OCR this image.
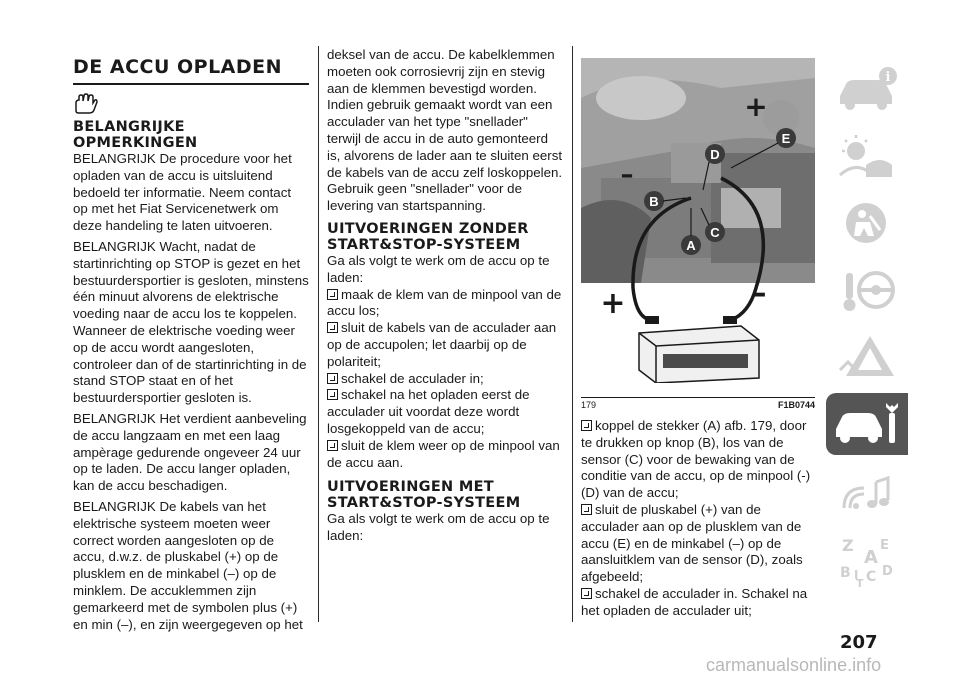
DE ACCU OPLADEN
BELANGRIJKE OPMERKINGEN

BELANGRIJK De procedure voor het opladen van de accu is uitsluitend bedoeld ter informatie. Neem contact op met het Fiat Servicenetwerk om deze handeling te laten uitvoeren.

BELANGRIJK Wacht, nadat de startinrichting op STOP is gezet en het bestuurdersportier is gesloten, minstens één minuut alvorens de elektrische voeding naar de accu los te koppelen. Wanneer de elektrische voeding weer op de accu wordt aangesloten, controleer dan of de startinrichting in de stand STOP staat en of het bestuurdersportier gesloten is.

BELANGRIJK Het verdient aanbeveling de accu langzaam en met een laag ampèrage gedurende ongeveer 24 uur op te laden. De accu langer opladen, kan de accu beschadigen.

BELANGRIJK De kabels van het elektrische systeem moeten weer correct worden aangesloten op de accu, d.w.z. de pluskabel (+) op de plusklem en de minkabel (–) op de minklem. De accuklemmen zijn gemarkeerd met de symbolen plus (+) en min (–), en zijn weergegeven op het

deksel van de accu. De kabelklemmen moeten ook corrosievrij zijn en stevig aan de klemmen bevestigd worden. Indien gebruik gemaakt wordt van een acculader van het type "snellader" terwijl de accu in de auto gemonteerd is, alvorens de lader aan te sluiten eerst de kabels van de accu zelf loskoppelen. Gebruik geen "snellader" voor de levering van startspanning.

UITVOERINGEN ZONDER START&STOP-SYSTEEM

Ga als volgt te werk om de accu op te laden:

maak de klem van de minpool van de accu los;
sluit de kabels van de acculader aan op de accupolen; let daarbij op de polariteit;
schakel de acculader in;
schakel na het opladen eerst de acculader uit voordat deze wordt losgekoppeld van de accu;
sluit de klem weer op de minpool van de accu aan.
UITVOERINGEN MET START&STOP-SYSTEEM

Ga als volgt te werk om de accu op te laden:

E
D
B
C
A
+
–
+	–
179	F1B0744
koppel de stekker (A) afb. 179, door te drukken op knop (B), los van de sensor (C) voor de bewaking van de conditie van de accu, op de minpool (-) (D) van de accu;
sluit de pluskabel (+) van de acculader aan op de plusklem van de accu (E) en de minkabel (–) op de aansluitklem van de sensor (D), zoals afgebeeld;
schakel de acculader in. Schakel na het opladen de acculader uit;
i
Z E
A
B I C D
T
207
carmanualsonline.info
